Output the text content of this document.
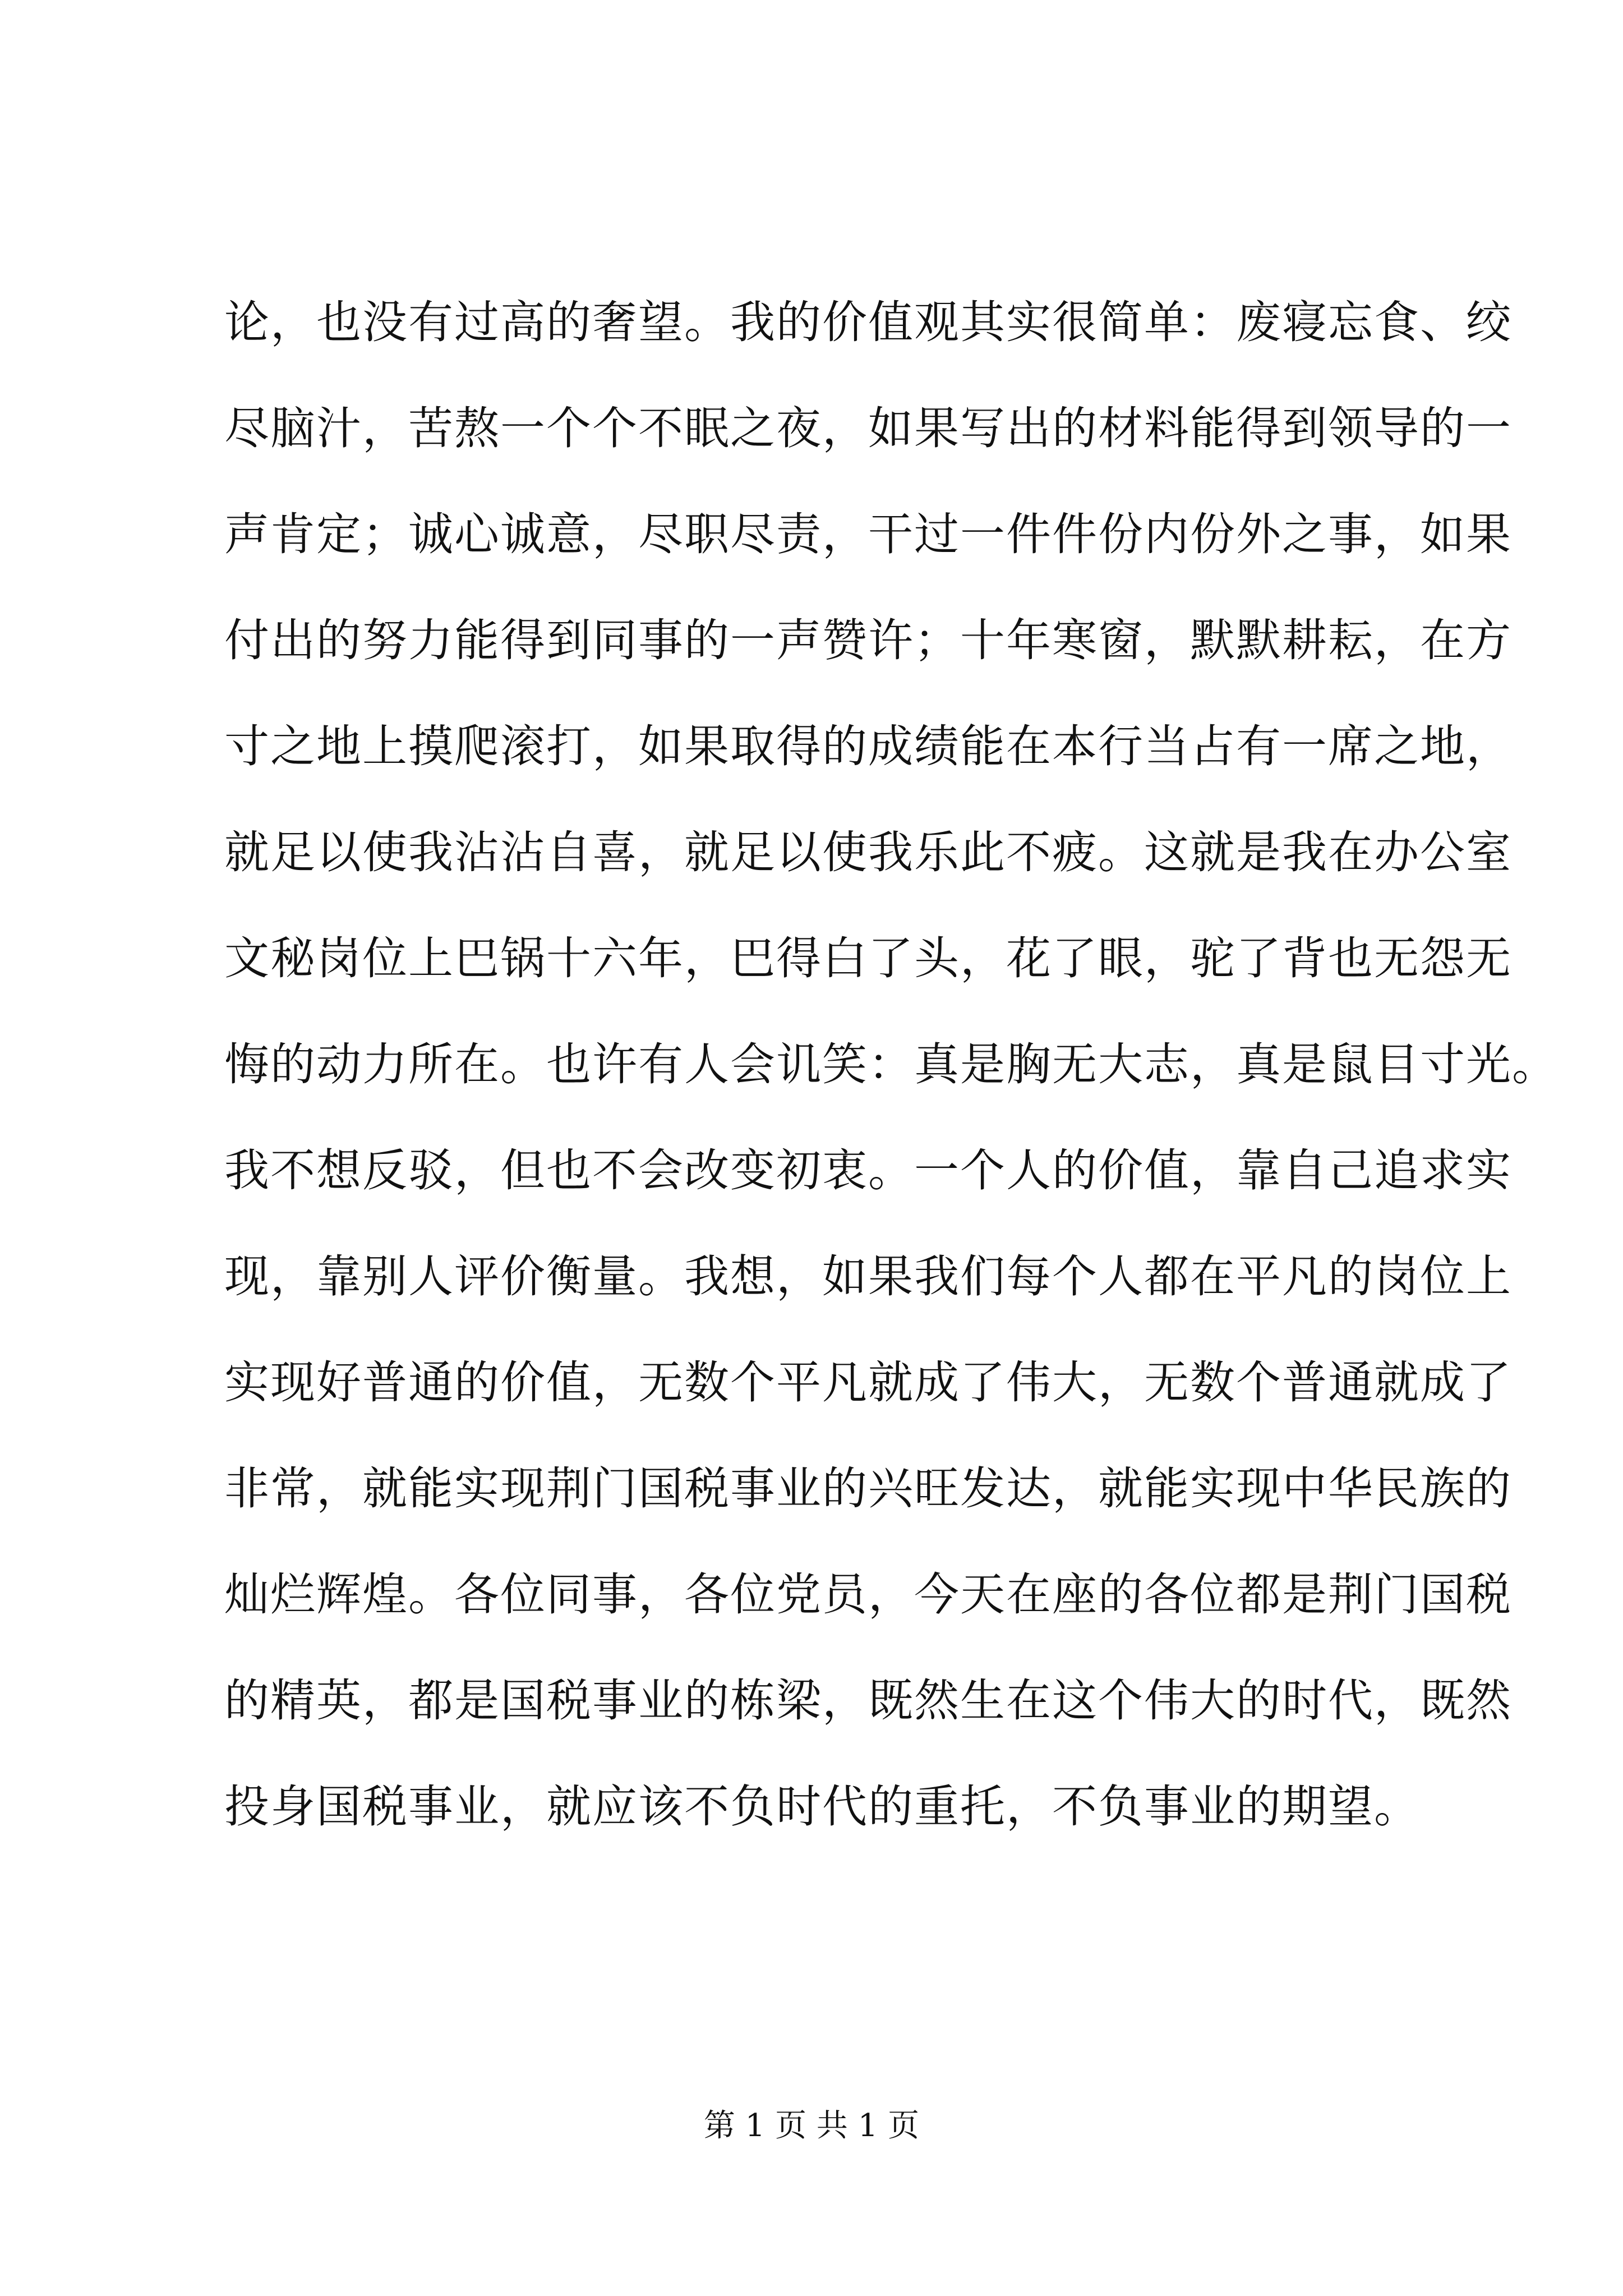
论，也没有过高的奢望。我的价值观其实很简单：废寝忘食、绞
尽脑汁，苦熬一个个不眠之夜，如果写出的材料能得到领导的一
声肯定；诚心诚意，尽职尽责，干过一件件份内份外之事，如果
付出的努力能得到同事的一声赞许；十年寒窗，默默耕耘，在方
寸之地上摸爬滚打，如果取得的成绩能在本行当占有一席之地，
就足以使我沾沾自喜，就足以使我乐此不疲。这就是我在办公室
文秘岗位上巴锅十六年，巴得白了头，花了眼，驼了背也无怨无
悔的动力所在。也许有人会讥笑：真是胸无大志，真是鼠目寸光。
我不想反驳，但也不会改变初衷。一个人的价值，靠自己追求实
现，靠别人评价衡量。我想，如果我们每个人都在平凡的岗位上
实现好普通的价值，无数个平凡就成了伟大，无数个普通就成了
非常，就能实现荆门国税事业的兴旺发达，就能实现中华民族的
灿烂辉煌。各位同事，各位党员，今天在座的各位都是荆门国税
的精英，都是国税事业的栋梁，既然生在这个伟大的时代，既然
投身国税事业，就应该不负时代的重托，不负事业的期望。
第 1 页 共 1 页
